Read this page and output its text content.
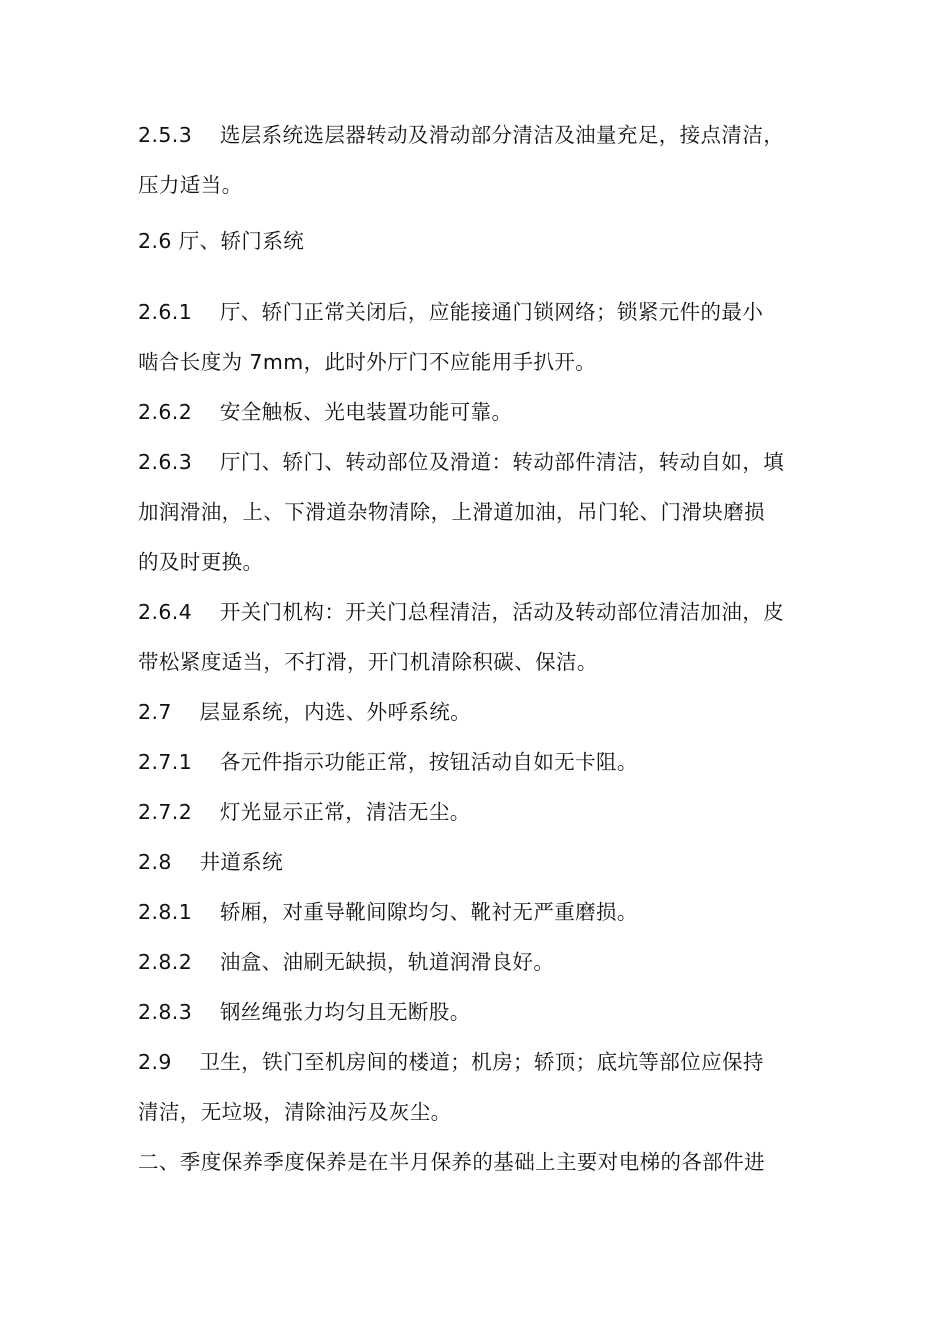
2.5.3    选层系统选层器转动及滑动部分清洁及油量充足，接点清洁，

压力适当。

2.6 厅、轿门系统

2.6.1    厅、轿门正常关闭后，应能接通门锁网络；锁紧元件的最小

啮合长度为 7mm，此时外厅门不应能用手扒开。

2.6.2    安全触板、光电装置功能可靠。

2.6.3    厅门、轿门、转动部位及滑道：转动部件清洁，转动自如，填

加润滑油，上、下滑道杂物清除，上滑道加油，吊门轮、门滑块磨损

的及时更换。

2.6.4    开关门机构：开关门总程清洁，活动及转动部位清洁加油，皮

带松紧度适当，不打滑，开门机清除积碳、保洁。

2.7    层显系统，内选、外呼系统。

2.7.1    各元件指示功能正常，按钮活动自如无卡阻。

2.7.2    灯光显示正常，清洁无尘。

2.8    井道系统

2.8.1    轿厢，对重导靴间隙均匀、靴衬无严重磨损。

2.8.2    油盒、油刷无缺损，轨道润滑良好。

2.8.3    钢丝绳张力均匀且无断股。

2.9    卫生，铁门至机房间的楼道；机房；轿顶；底坑等部位应保持

清洁，无垃圾，清除油污及灰尘。

二、季度保养季度保养是在半月保养的基础上主要对电梯的各部件进
